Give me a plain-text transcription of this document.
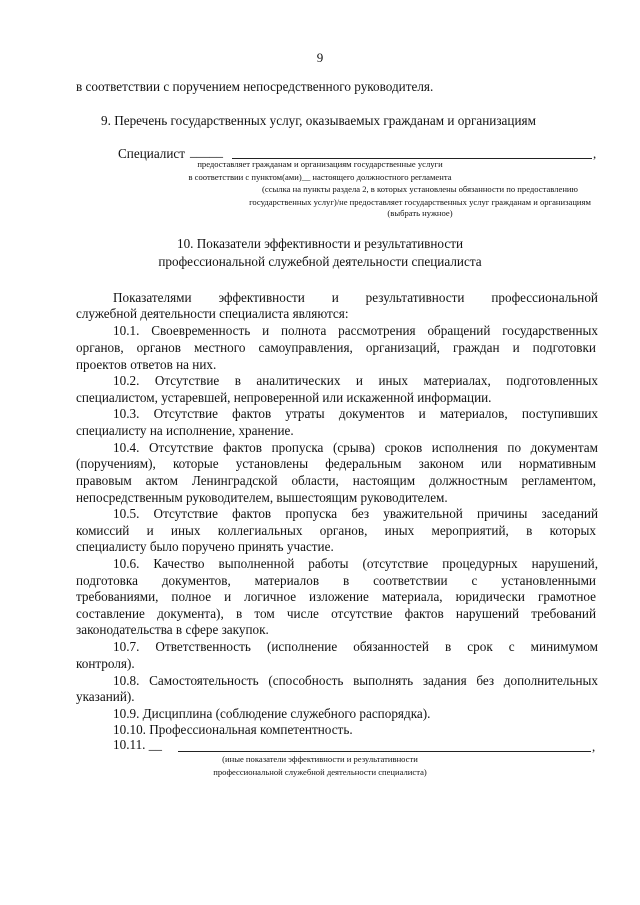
9
в соответствии с поручением непосредственного руководителя.
9. Перечень государственных услуг, оказываемых гражданам и организациям
Специалист _____	,
предоставляет гражданам и организациям государственные услуги
в соответствии с пунктом(ами)__ настоящего должностного регламента
(ссылка на пункты раздела 2, в которых установлены обязанности по предоставлению
государственных услуг)/не предоставляет государственных услуг гражданам и организациям
(выбрать нужное)
10. Показатели эффективности и результативности
профессиональной служебной деятельности специалиста
Показателями эффективности и результативности профессиональной
служебной деятельности специалиста являются:
10.1. Своевременность и полнота рассмотрения обращений государственных
органов, органов местного самоуправления, организаций, граждан и подготовки
проектов ответов на них.
10.2. Отсутствие в аналитических и иных материалах, подготовленных
специалистом, устаревшей, непроверенной или искаженной информации.
10.3. Отсутствие фактов утраты документов и материалов, поступивших
специалисту на исполнение, хранение.
10.4. Отсутствие фактов пропуска (срыва) сроков исполнения по документам
(поручениям), которые установлены федеральным законом или нормативным
правовым актом Ленинградской области, настоящим должностным регламентом,
непосредственным руководителем, вышестоящим руководителем.
10.5. Отсутствие фактов пропуска без уважительной причины заседаний
комиссий и иных коллегиальных органов, иных мероприятий, в которых
специалисту было поручено принять участие.
10.6. Качество выполненной работы (отсутствие процедурных нарушений,
подготовка документов, материалов в соответствии с установленными
требованиями, полное и логичное изложение материала, юридически грамотное
составление документа), в том числе отсутствие фактов нарушений требований
законодательства в сфере закупок.
10.7. Ответственность (исполнение обязанностей в срок с минимумом
контроля).
10.8. Самостоятельность (способность выполнять задания без дополнительных
указаний).
10.9. Дисциплина (соблюдение служебного распорядка).
10.10. Профессиональная компетентность.
10.11. __	,
(иные показатели эффективности и результативности
профессиональной служебной деятельности специалиста)
